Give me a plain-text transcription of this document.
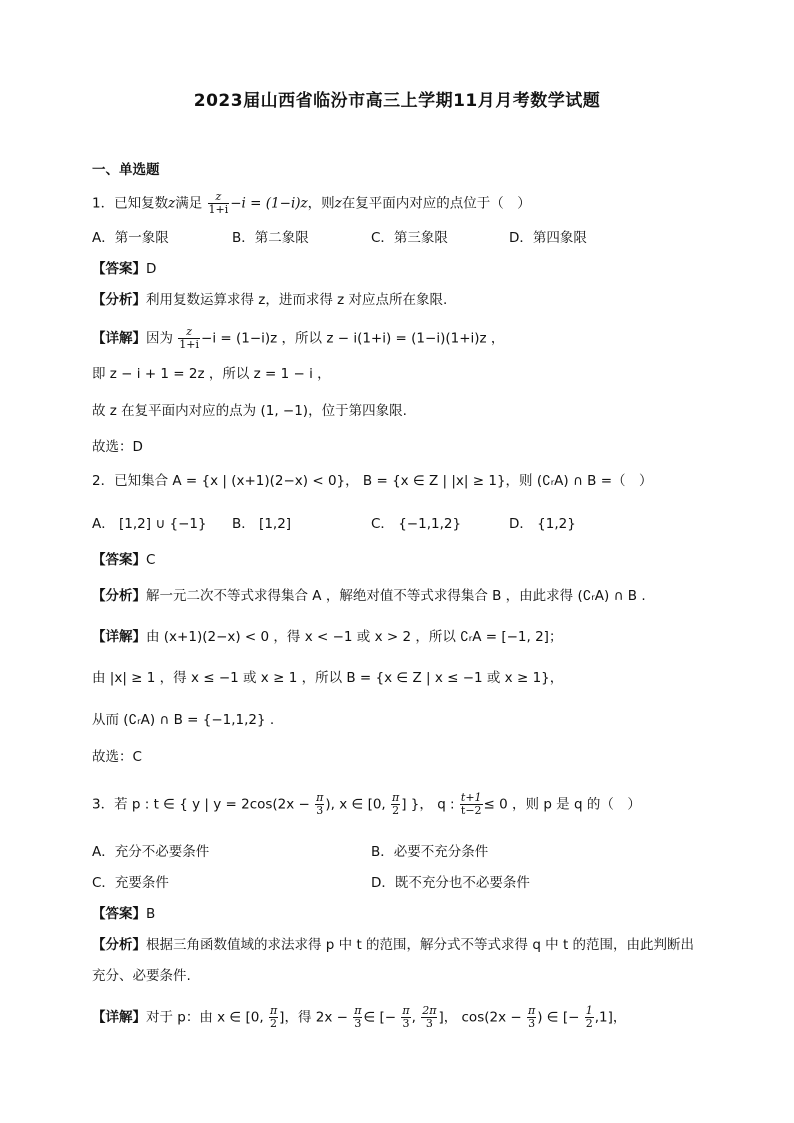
2023届山西省临汾市高三上学期11月月考数学试题
一、单选题
1．已知复数z满足 $\frac{z}{1+i} -i = (1-i)z$，则z在复平面内对应的点位于（　）
A．第一象限	B．第二象限	C．第三象限	D．第四象限
【答案】D
【分析】利用复数运算求得 z，进而求得 z 对应点所在象限.
【详解】因为 $\frac{z}{1+i} -i = (1-i)z$ ，所以 z − i(1+i) = (1−i)(1+i)z ，
即 z − i + 1 = 2z ，所以 z = 1 − i ，
故 z 在复平面内对应的点为 (1, −1)，位于第四象限.
故选：D
2．已知集合 A = {x | (x+1)(2−x) < 0}， B = {x ∈ Z | |x| ≥ 1}，则 (∁ᵣA) ∩ B =（　）
A． [1,2] ∪ {−1} B． [1,2]	C． {−1,1,2}	D． {1,2}
【答案】C
【分析】解一元二次不等式求得集合 A ，解绝对值不等式求得集合 B ，由此求得 (∁ᵣA) ∩ B .
【详解】由 (x+1)(2−x) < 0 ，得 x < −1 或 x > 2 ，所以 ∁ᵣA = [−1, 2]；
由 |x| ≥ 1 ，得 x ≤ −1 或 x ≥ 1 ，所以 B = {x ∈ Z | x ≤ −1 或 x ≥ 1}，
从而 (∁ᵣA) ∩ B = {−1,1,2} .
故选：C
3．若 p : t ∈ { y | $y = 2\cos(2x - \frac{\pi}{3}$ ), x ∈ [0, $\frac{\pi}{2}$ ] }， q : $\frac{t+1}{t-2} \le 0$ ，则 p 是 q 的（　）
A．充分不必要条件	B．必要不充分条件
C．充要条件	D．既不充分也不必要条件
【答案】B
【分析】根据三角函数值域的求法求得 p 中 t 的范围，解分式不等式求得 q 中 t 的范围，由此判断出
充分、必要条件.
【详解】对于 p：由 x ∈ [0, $\frac{\pi}{2}$ ]，得 $2x - \frac{\pi}{3}$ ∈ [− $\frac{\pi}{3}$ , $\frac{2\pi}{3}$ ]， $\cos(2x - \frac{\pi}{3}$ ) ∈ [− $\frac{1}{2} ,1$]，
